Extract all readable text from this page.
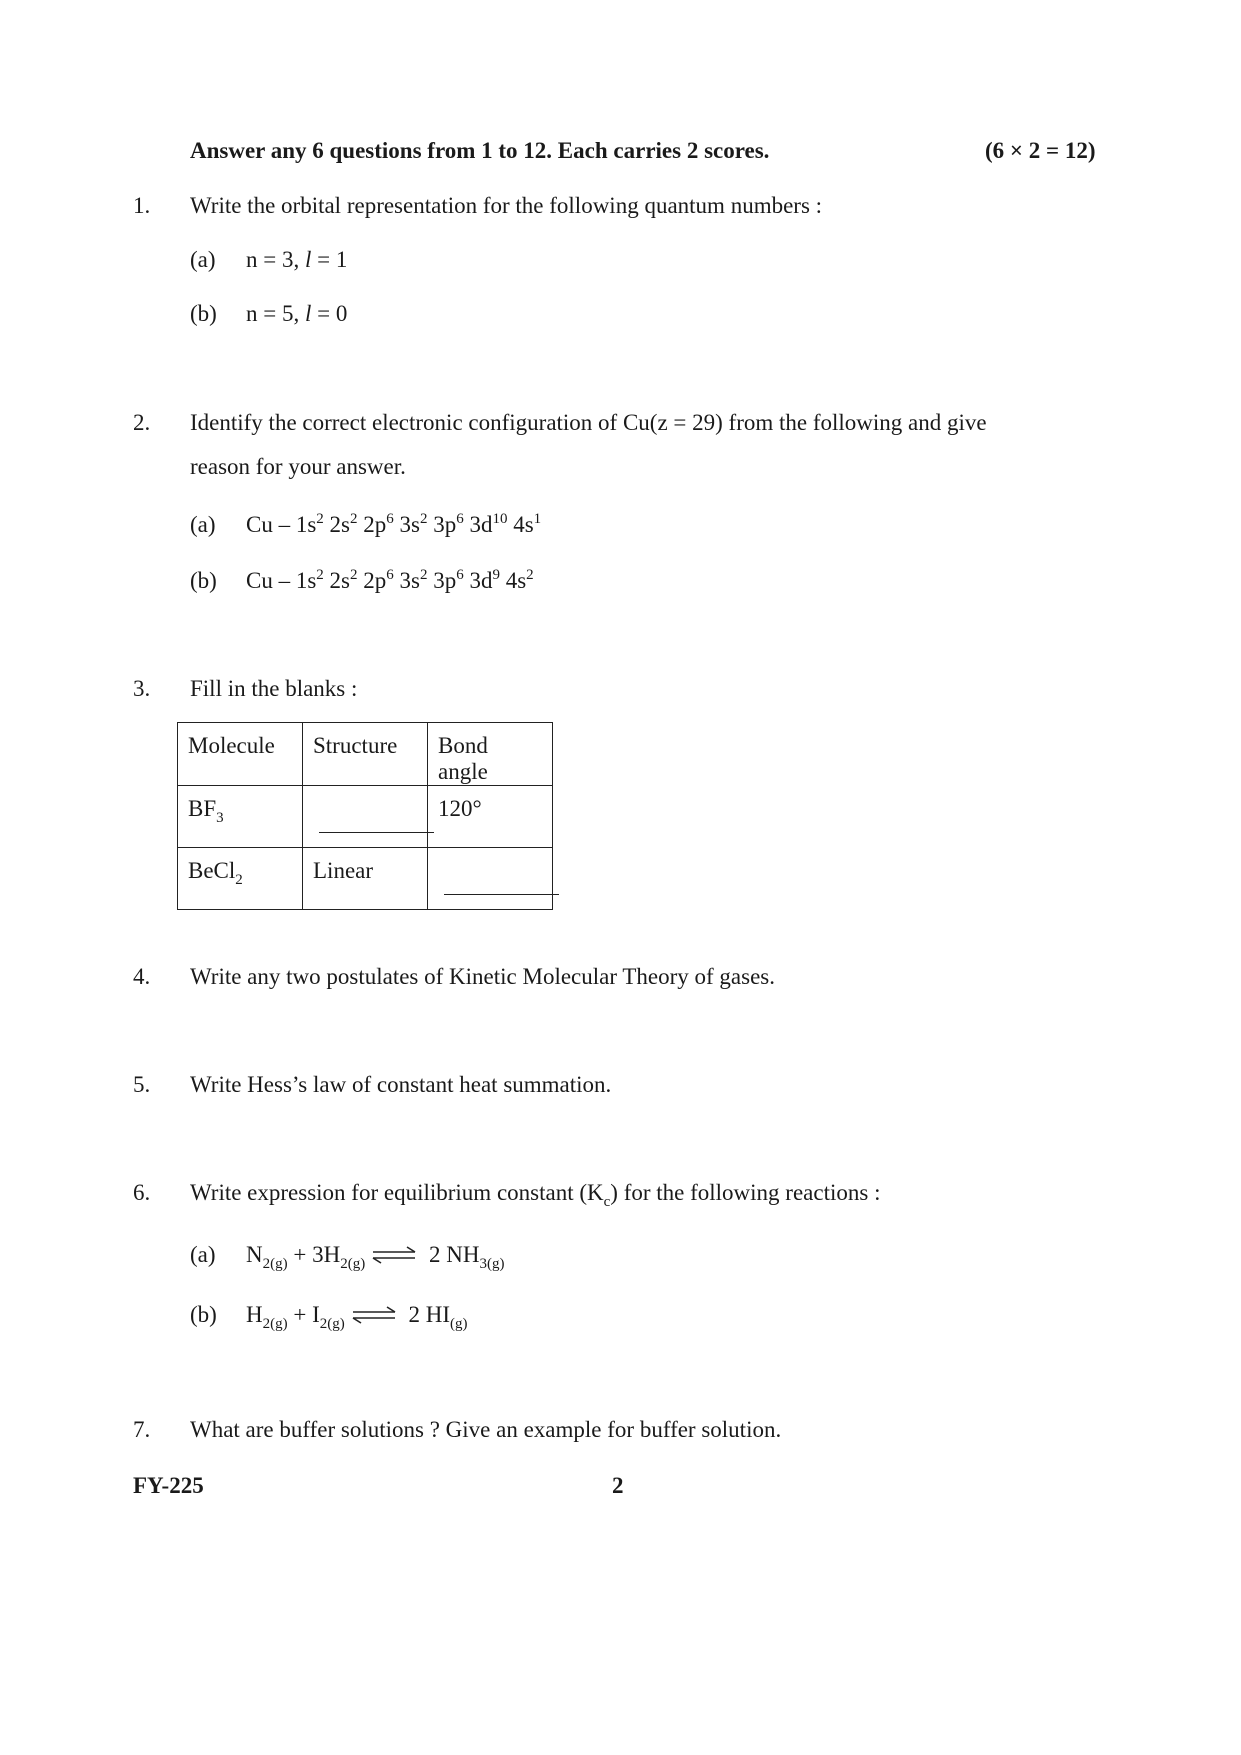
Answer any 6 questions from 1 to 12. Each carries 2 scores.	(6 × 2 = 12)
1. Write the orbital representation for the following quantum numbers :
(a) n = 3, l = 1
(b) n = 5, l = 0
2. Identify the correct electronic configuration of Cu(z = 29) from the following and give
reason for your answer.
(a) Cu – $1s^2$ $2s^2$ $2p^6$ $3s^2$ $3p^6$ $3d^{10}$ $4s^1$
(b) Cu – $1s^2$ $2s^2$ $2p^6$ $3s^2$ $3p^6$ $3d^9$ $4s^2$
3. Fill in the blanks :
Molecule	Structure	Bond angle
$BF_3$		120°
BeCl$_2$	Linear	
4. Write any two postulates of Kinetic Molecular Theory of gases.
5. Write Hess’s law of constant heat summation.
6. Write expression for equilibrium constant $(K_c)$ for the following reactions :
(a) $N_{2(g)} + 3H_{2(g)}$ ⇌ 2 $NH_{3(g)}$
(b) $H_{2(g)} + I_{2(g)}$ ⇌ 2 $HI_{(g)}$
7. What are buffer solutions ? Give an example for buffer solution.
FY-225	2
